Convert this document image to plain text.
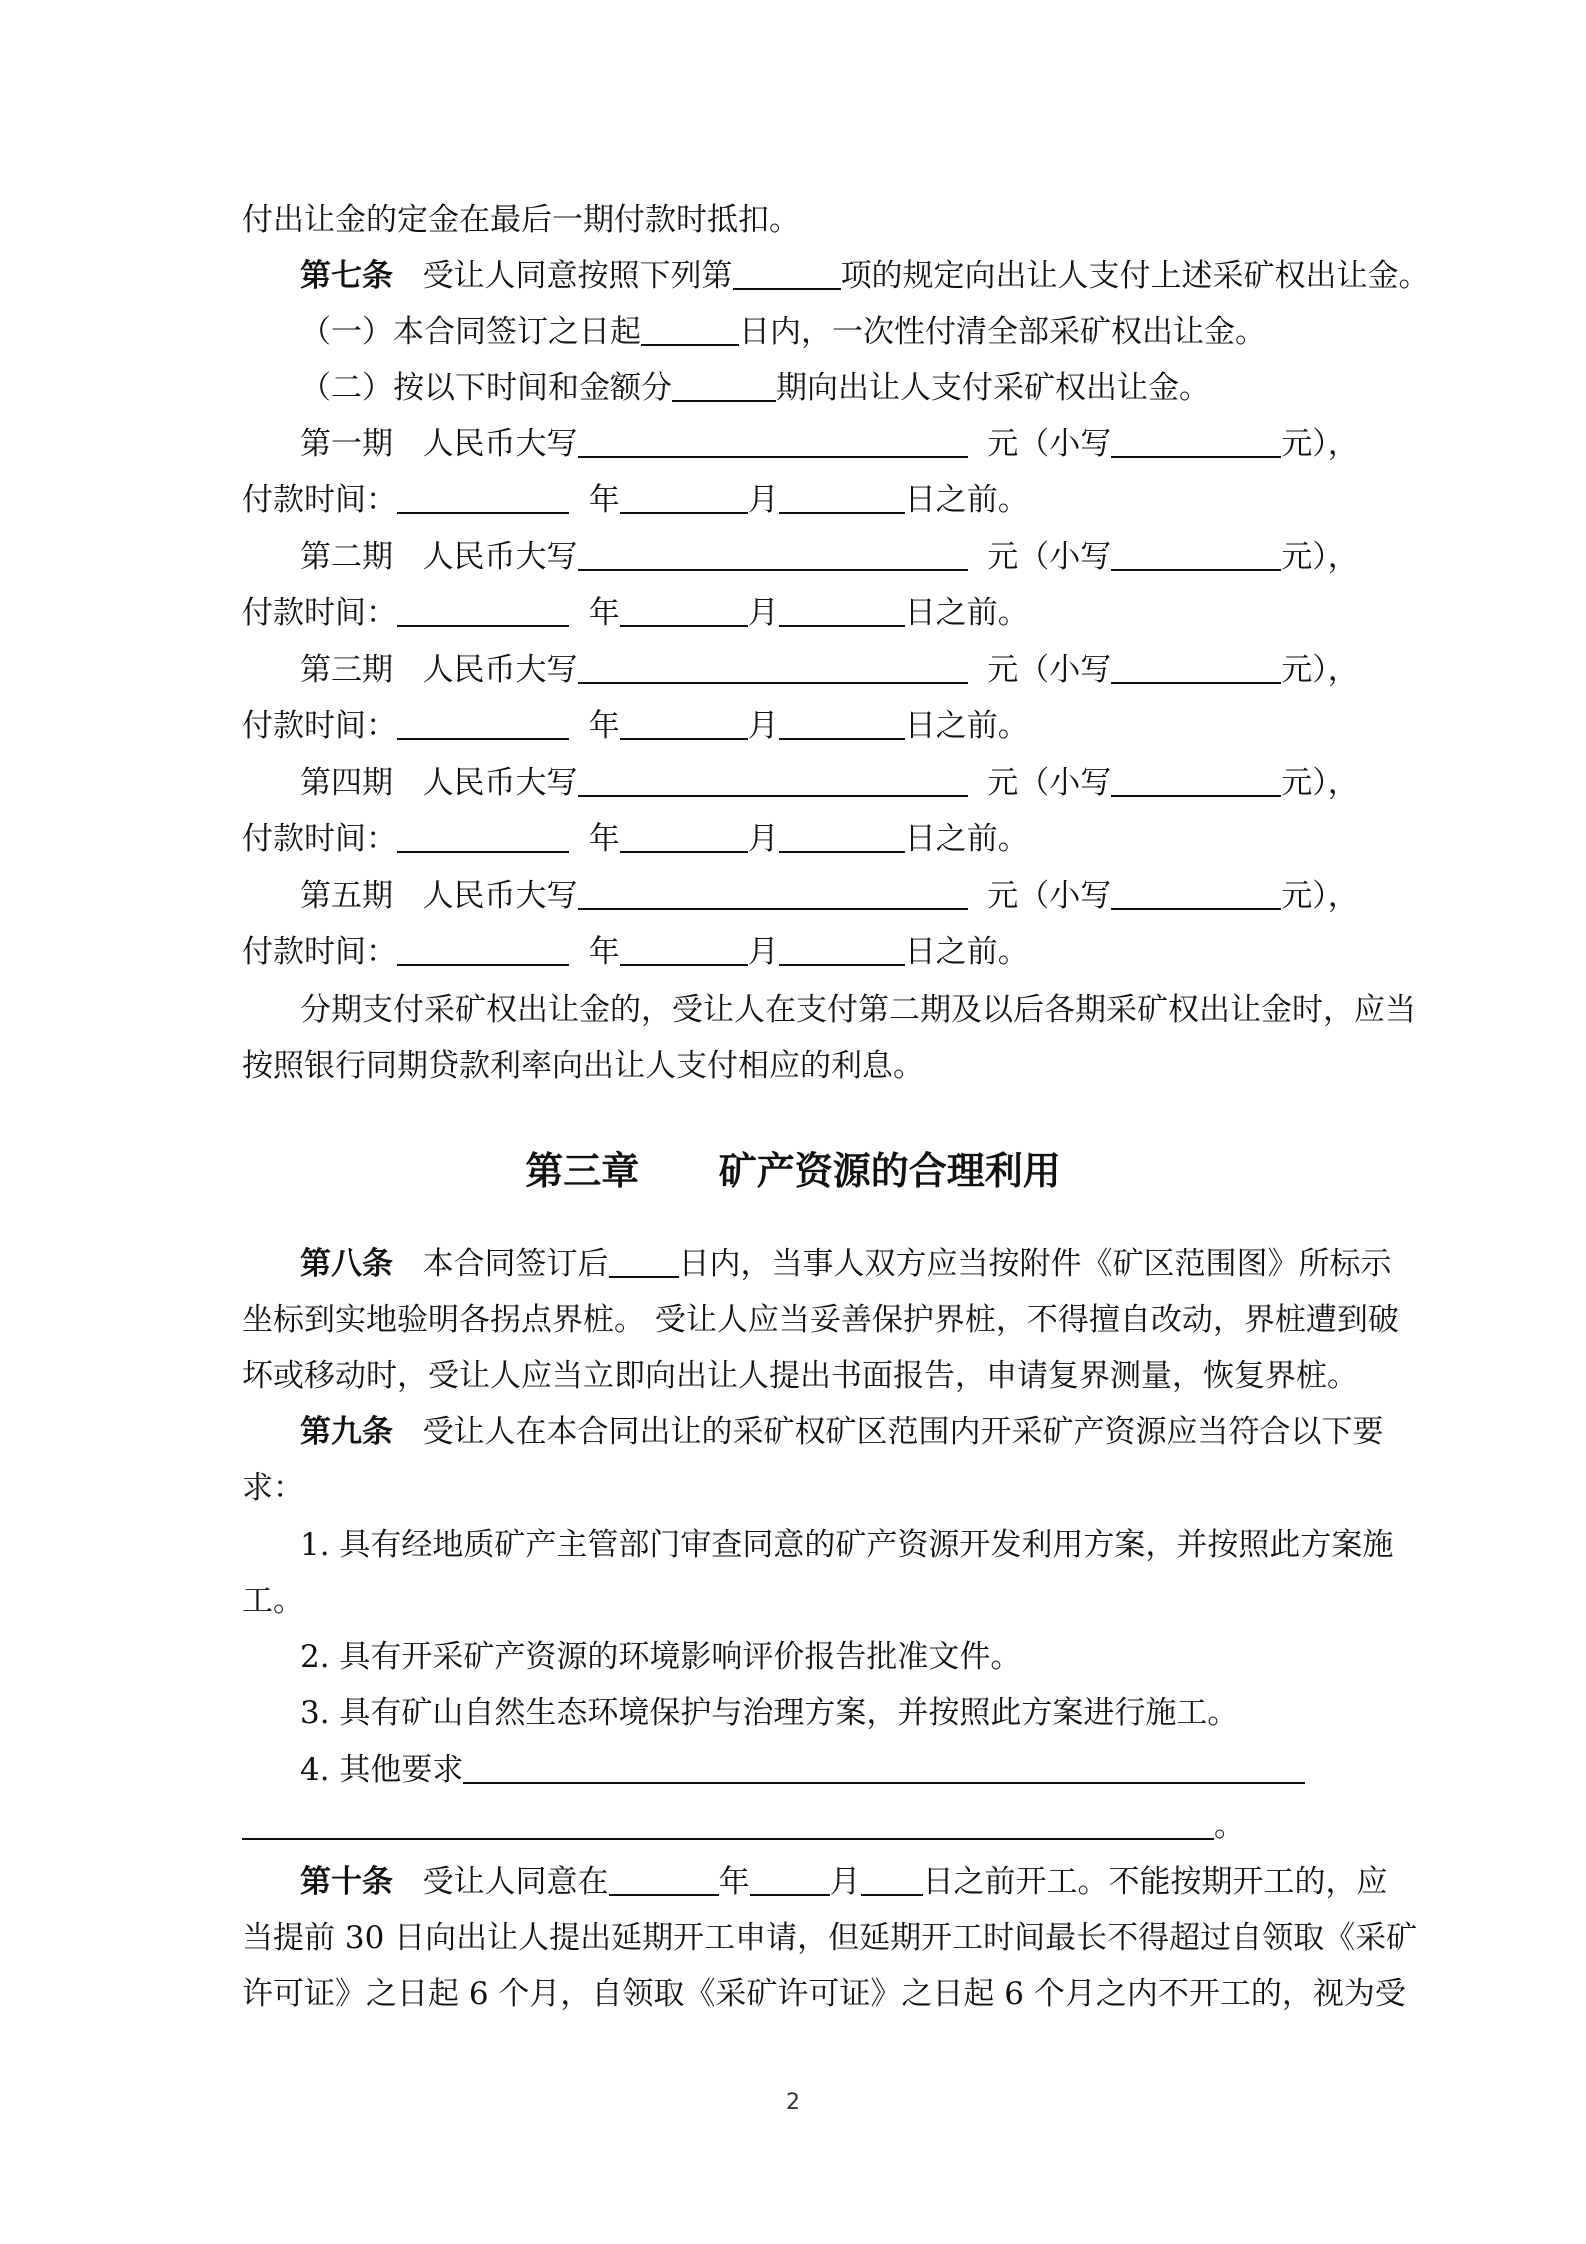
付出让金的定金在最后一期付款时抵扣。
第七条 受让人同意按照下列第	项的规定向出让人支付上述采矿权出让金。
（一）本合同签订之日起	日内，一次性付清全部采矿权出让金。
（二）按以下时间和金额分	期向出让人支付采矿权出让金。
第一期 人民币大写	元（小写	元），
付款时间：	年	月	日之前。
第二期 人民币大写	元（小写	元），
付款时间：	年	月	日之前。
第三期 人民币大写	元（小写	元），
付款时间：	年	月	日之前。
第四期 人民币大写	元（小写	元），
付款时间：	年	月	日之前。
第五期 人民币大写	元（小写	元），
付款时间：	年	月	日之前。
分期支付采矿权出让金的，受让人在支付第二期及以后各期采矿权出让金时，应当
按照银行同期贷款利率向出让人支付相应的利息。
第三章 矿产资源的合理利用
第八条 本合同签订后 日内，当事人双方应当按附件《矿区范围图》所标示
坐标到实地验明各拐点界桩。 受让人应当妥善保护界桩，不得擅自改动，界桩遭到破
坏或移动时，受让人应当立即向出让人提出书面报告，申请复界测量，恢复界桩。
第九条 受让人在本合同出让的采矿权矿区范围内开采矿产资源应当符合以下要
求：
1. 具有经地质矿产主管部门审查同意的矿产资源开发利用方案，并按照此方案施
工。
2. 具有开采矿产资源的环境影响评价报告批准文件。
3. 具有矿山自然生态环境保护与治理方案，并按照此方案进行施工。
4. 其他要求
。
第十条 受让人同意在	年	月 日之前开工。不能按期开工的，应
当提前 30 日向出让人提出延期开工申请，但延期开工时间最长不得超过自领取《采矿
许可证》之日起 6 个月，自领取《采矿许可证》之日起 6 个月之内不开工的，视为受
2
